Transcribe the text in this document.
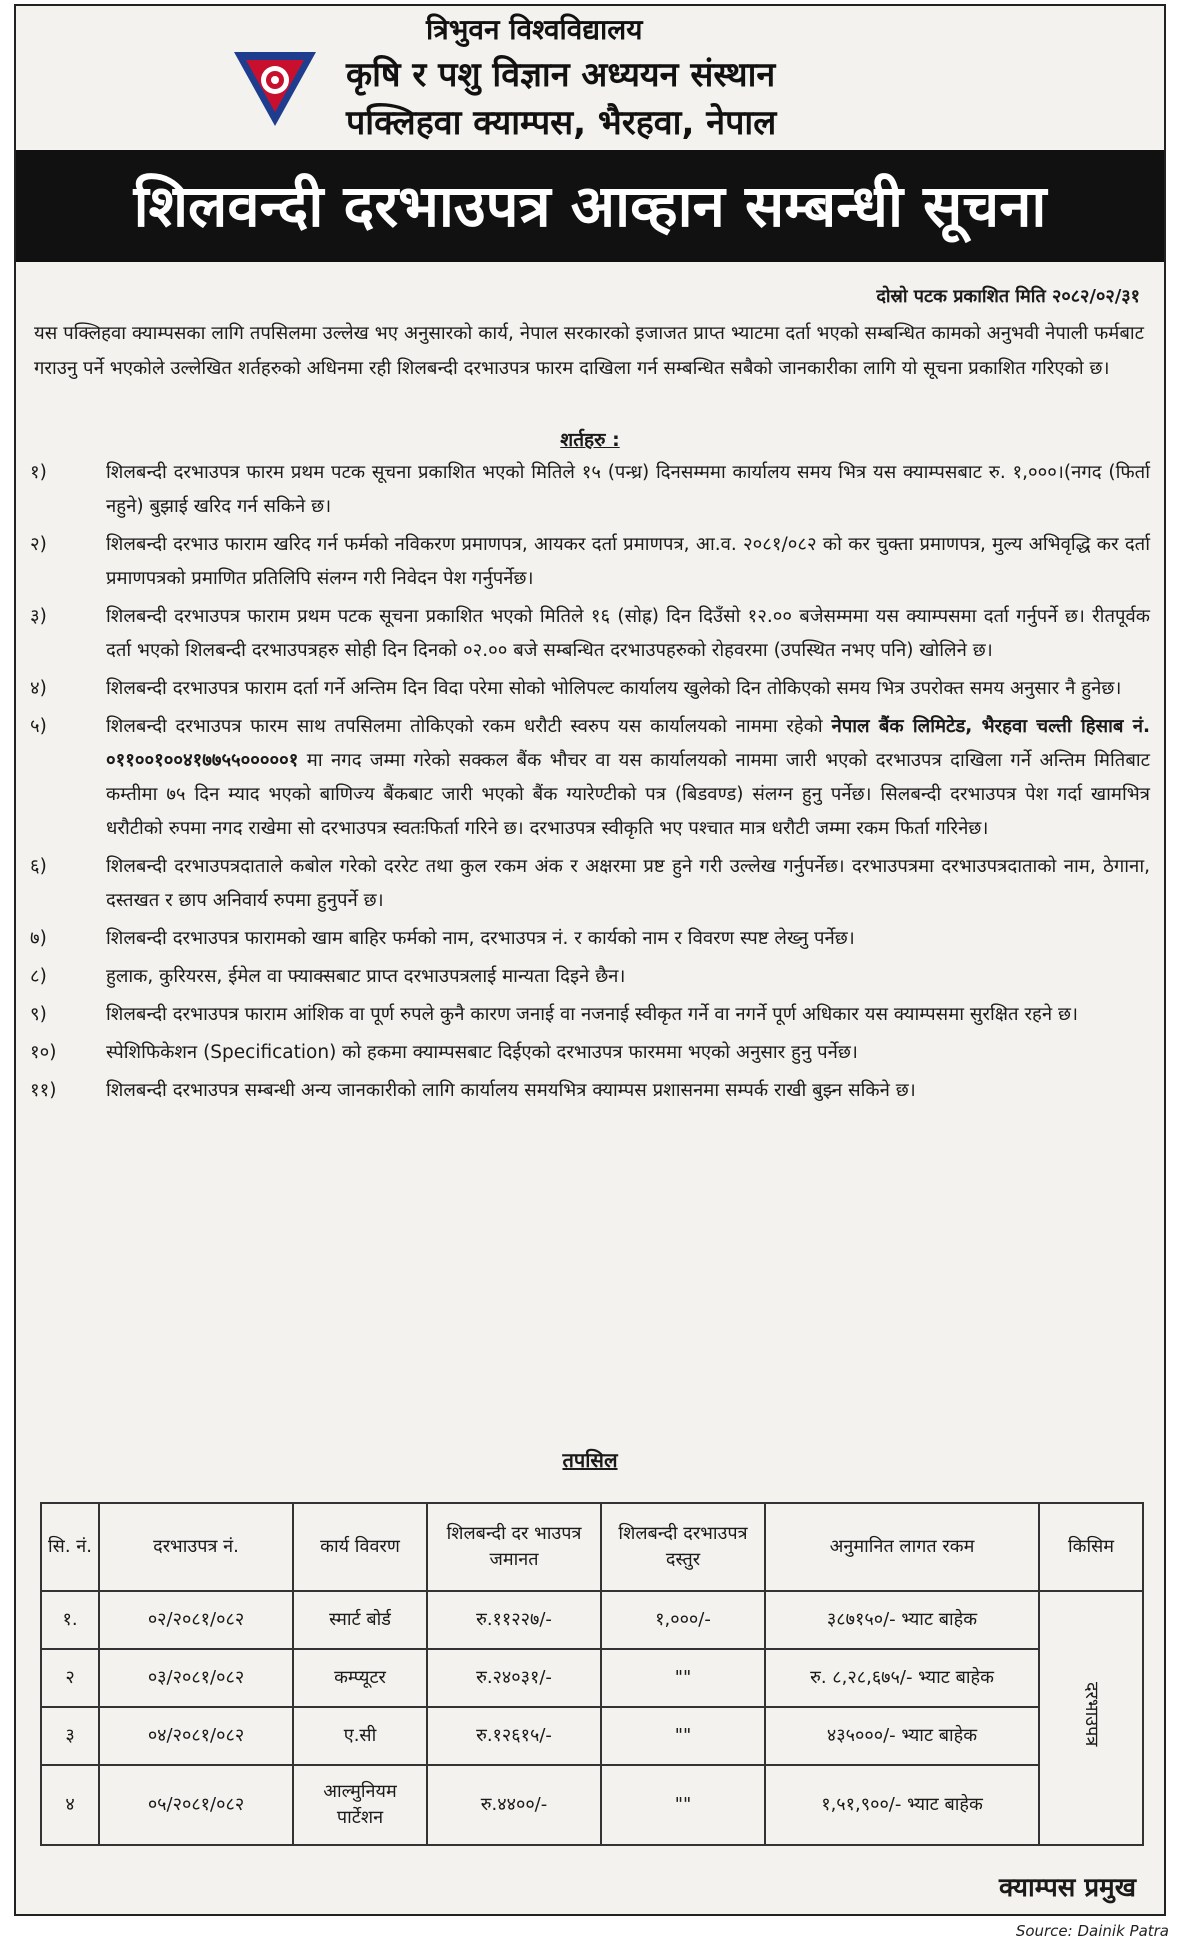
त्रिभुवन विश्वविद्यालय
कृषि र पशु विज्ञान अध्ययन संस्थान
पक्लिहवा क्याम्पस, भैरहवा, नेपाल
शिलवन्दी दरभाउपत्र आव्हान सम्बन्धी सूचना
दोस्रो पटक प्रकाशित मिति २०८२/०२/३१
यस पक्लिहवा क्याम्पसका लागि तपसिलमा उल्लेख भए अनुसारको कार्य, नेपाल सरकारको इजाजत प्राप्त भ्याटमा दर्ता भएको सम्बन्धित कामको अनुभवी नेपाली फर्मबाट गराउनु पर्ने भएकोले उल्लेखित शर्तहरुको अधिनमा रही शिलबन्दी दरभाउपत्र फारम दाखिला गर्न सम्बन्धित सबैको जानकारीका लागि यो सूचना प्रकाशित गरिएको छ।
शर्तहरु :
१)	शिलबन्दी दरभाउपत्र फारम प्रथम पटक सूचना प्रकाशित भएको मितिले १५ (पन्ध्र) दिनसम्ममा कार्यालय समय भित्र यस क्याम्पसबाट रु. १,०००।(नगद (फिर्ता नहुने) बुझाई खरिद गर्न सकिने छ।
२)	शिलबन्दी दरभाउ फाराम खरिद गर्न फर्मको नविकरण प्रमाणपत्र, आयकर दर्ता प्रमाणपत्र, आ.व. २०८१/०८२ को कर चुक्ता प्रमाणपत्र, मुल्य अभिवृद्धि कर दर्ता प्रमाणपत्रको प्रमाणित प्रतिलिपि संलग्न गरी निवेदन पेश गर्नुपर्नेछ।
३)	शिलबन्दी दरभाउपत्र फाराम प्रथम पटक सूचना प्रकाशित भएको मितिले १६ (सोह्र) दिन दिउँसो १२.०० बजेसम्ममा यस क्याम्पसमा दर्ता गर्नुपर्ने छ। रीतपूर्वक दर्ता भएको शिलबन्दी दरभाउपत्रहरु सोही दिन दिनको ०२.०० बजे सम्बन्धित दरभाउपहरुको रोहवरमा (उपस्थित नभए पनि) खोलिने छ।
४)	शिलबन्दी दरभाउपत्र फाराम दर्ता गर्ने अन्तिम दिन विदा परेमा सोको भोलिपल्ट कार्यालय खुलेको दिन तोकिएको समय भित्र उपरोक्त समय अनुसार नै हुनेछ।
५)	शिलबन्दी दरभाउपत्र फारम साथ तपसिलमा तोकिएको रकम धरौटी स्वरुप यस कार्यालयको नाममा रहेको नेपाल बैंक लिमिटेड, भैरहवा चल्ती हिसाब नं. ०११००१००४१७७५५०००००१ मा नगद जम्मा गरेको सक्कल बैंक भौचर वा यस कार्यालयको नाममा जारी भएको दरभाउपत्र दाखिला गर्ने अन्तिम मितिबाट कम्तीमा ७५ दिन म्याद भएको बाणिज्य बैंकबाट जारी भएको बैंक ग्यारेण्टीको पत्र (बिडवण्ड) संलग्न हुनु पर्नेछ। सिलबन्दी दरभाउपत्र पेश गर्दा खामभित्र धरौटीको रुपमा नगद राखेमा सो दरभाउपत्र स्वतःफिर्ता गरिने छ। दरभाउपत्र स्वीकृति भए पश्चात मात्र धरौटी जम्मा रकम फिर्ता गरिनेछ।
६)	शिलबन्दी दरभाउपत्रदाताले कबोल गरेको दररेट तथा कुल रकम अंक र अक्षरमा प्रष्ट हुने गरी उल्लेख गर्नुपर्नेछ। दरभाउपत्रमा दरभाउपत्रदाताको नाम, ठेगाना, दस्तखत र छाप अनिवार्य रुपमा हुनुपर्ने छ।
७)	शिलबन्दी दरभाउपत्र फारामको खाम बाहिर फर्मको नाम, दरभाउपत्र नं. र कार्यको नाम र विवरण स्पष्ट लेख्नु पर्नेछ।
८)	हुलाक, कुरियरस, ईमेल वा फ्याक्सबाट प्राप्त दरभाउपत्रलाई मान्यता दिइने छैन।
९)	शिलबन्दी दरभाउपत्र फाराम आंशिक वा पूर्ण रुपले कुनै कारण जनाई वा नजनाई स्वीकृत गर्ने वा नगर्ने पूर्ण अधिकार यस क्याम्पसमा सुरक्षित रहने छ।
१०)	स्पेशिफिकेशन (Specification) को हकमा क्याम्पसबाट दिईएको दरभाउपत्र फारममा भएको अनुसार हुनु पर्नेछ।
११)	शिलबन्दी दरभाउपत्र सम्बन्धी अन्य जानकारीको लागि कार्यालय समयभित्र क्याम्पस प्रशासनमा सम्पर्क राखी बुझ्न सकिने छ।
तपसिल
सि. नं.	दरभाउपत्र नं.	कार्य विवरण	शिलबन्दी दर भाउपत्र जमानत	शिलबन्दी दरभाउपत्र दस्तुर	अनुमानित लागत रकम	किसिम
१.	०२/२०८१/०८२	स्मार्ट बोर्ड	रु.११२२७/-	१,०००/-	३८७१५०/- भ्याट बाहेक	दरभाउपत्र
२	०३/२०८१/०८२	कम्प्यूटर	रु.२४०३१/-	""	रु. ८,२८,६७५/- भ्याट बाहेक	
३	०४/२०८१/०८२	ए.सी	रु.१२६१५/-	""	४३५०००/- भ्याट बाहेक	
४	०५/२०८१/०८२	आल्मुनियम पार्टेशन	रु.४४००/-	""	१,५१,९००/- भ्याट बाहेक	
क्याम्पस प्रमुख
Source: Dainik Patra
